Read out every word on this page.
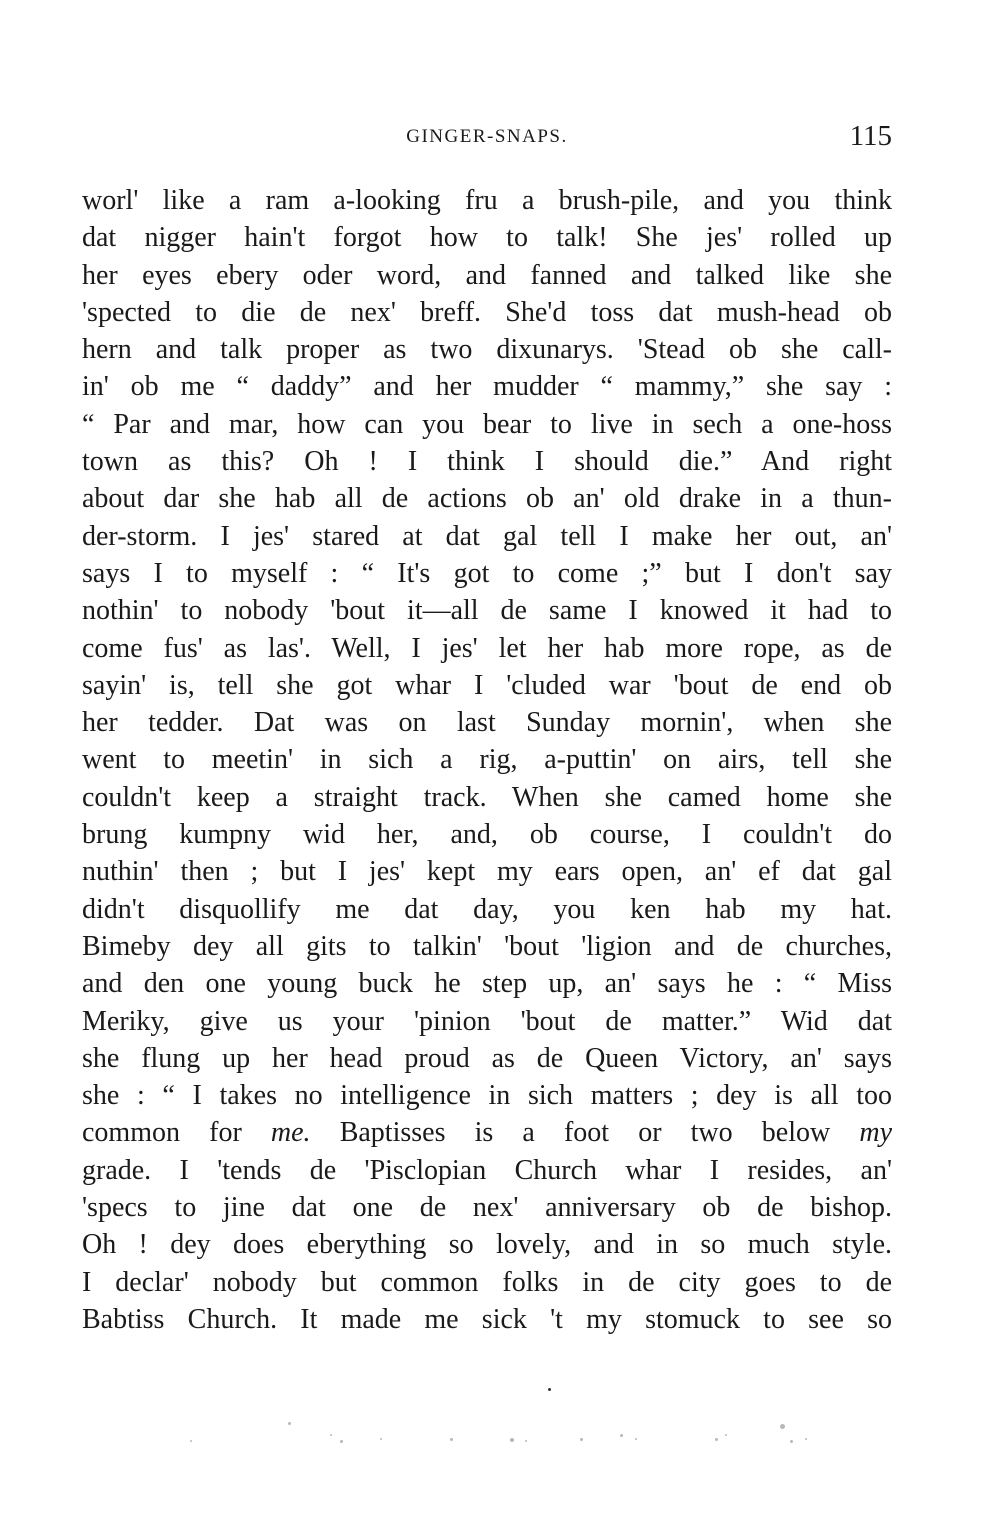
GINGER-SNAPS.	115
worl' like a ram a-looking fru a brush-pile, and you think
dat nigger hain't forgot how to talk! She jes' rolled up
her eyes ebery oder word, and fanned and talked like she
'spected to die de nex' breff. She'd toss dat mush-head ob
hern and talk proper as two dixunarys. 'Stead ob she call-
in' ob me “ daddy” and her mudder “ mammy,” she say :
“ Par and mar, how can you bear to live in sech a one-hoss
town as this? Oh ! I think I should die.” And right
about dar she hab all de actions ob an' old drake in a thun-
der-storm. I jes' stared at dat gal tell I make her out, an'
says I to myself : “ It's got to come ;” but I don't say
nothin' to nobody 'bout it—all de same I knowed it had to
come fus' as las'. Well, I jes' let her hab more rope, as de
sayin' is, tell she got whar I 'cluded war 'bout de end ob
her tedder. Dat was on last Sunday mornin', when she
went to meetin' in sich a rig, a-puttin' on airs, tell she
couldn't keep a straight track. When she camed home she
brung kumpny wid her, and, ob course, I couldn't do
nuthin' then ; but I jes' kept my ears open, an' ef dat gal
didn't disquollify me dat day, you ken hab my hat.
Bimeby dey all gits to talkin' 'bout 'ligion and de churches,
and den one young buck he step up, an' says he : “ Miss
Meriky, give us your 'pinion 'bout de matter.” Wid dat
she flung up her head proud as de Queen Victory, an' says
she : “ I takes no intelligence in sich matters ; dey is all too
common for me. Baptisses is a foot or two below my
grade. I 'tends de 'Pisclopian Church whar I resides, an'
'specs to jine dat one de nex' anniversary ob de bishop.
Oh ! dey does eberything so lovely, and in so much style.
I declar' nobody but common folks in de city goes to de
Babtiss Church. It made me sick 't my stomuck to see so
